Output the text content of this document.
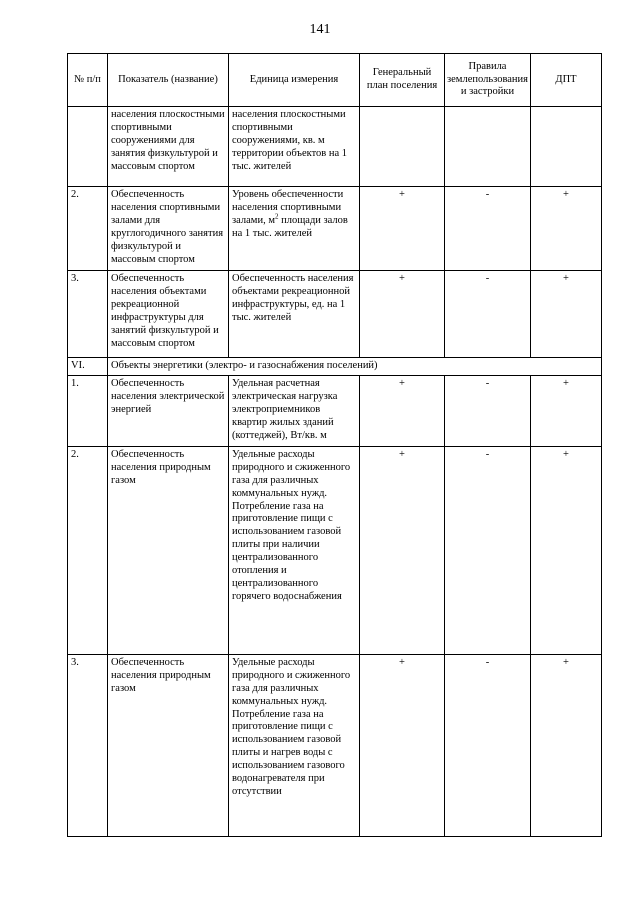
141
№ п/п	Показатель (название)	Единица измерения	Генеральный план поселения	Правила землепользования и застройки	ДПТ
	населения плоскостными спортивными сооружениями для занятия физкультурой и массовым спортом	населения плоскостными спортивными сооружениями, кв. м территории объектов на 1 тыс. жителей			
2.	Обеспеченность населения спортивными залами для круглогодичного занятия физкультурой и массовым спортом	Уровень обеспеченности населения спортивными залами, $м^2$ площади залов на 1 тыс. жителей	+	-	+
3.	Обеспеченность населения объектами рекреационной инфраструктуры для занятий физкультурой и массовым спортом	Обеспеченность населения объектами рекреационной инфраструктуры, ед. на 1 тыс. жителей	+	-	+
VI.	Объекты энергетики (электро- и газоснабжения поселений)				
1.	Обеспеченность населения электрической энергией	Удельная расчетная электрическая нагрузка электроприемников квартир жилых зданий (коттеджей), Вт/кв. м	+	-	+
2.	Обеспеченность населения природным газом	Удельные расходы природного и сжиженного газа для различных коммунальных нужд. Потребление газа на приготовление пищи с использованием газовой плиты при наличии централизованного отопления и централизованного горячего водоснабжения	+	-	+
3.	Обеспеченность населения природным газом	Удельные расходы природного и сжиженного газа для различных коммунальных нужд. Потребление газа на приготовление пищи с использованием газовой плиты и нагрев воды с использованием газового водонагревателя при отсутствии	+	-	+
